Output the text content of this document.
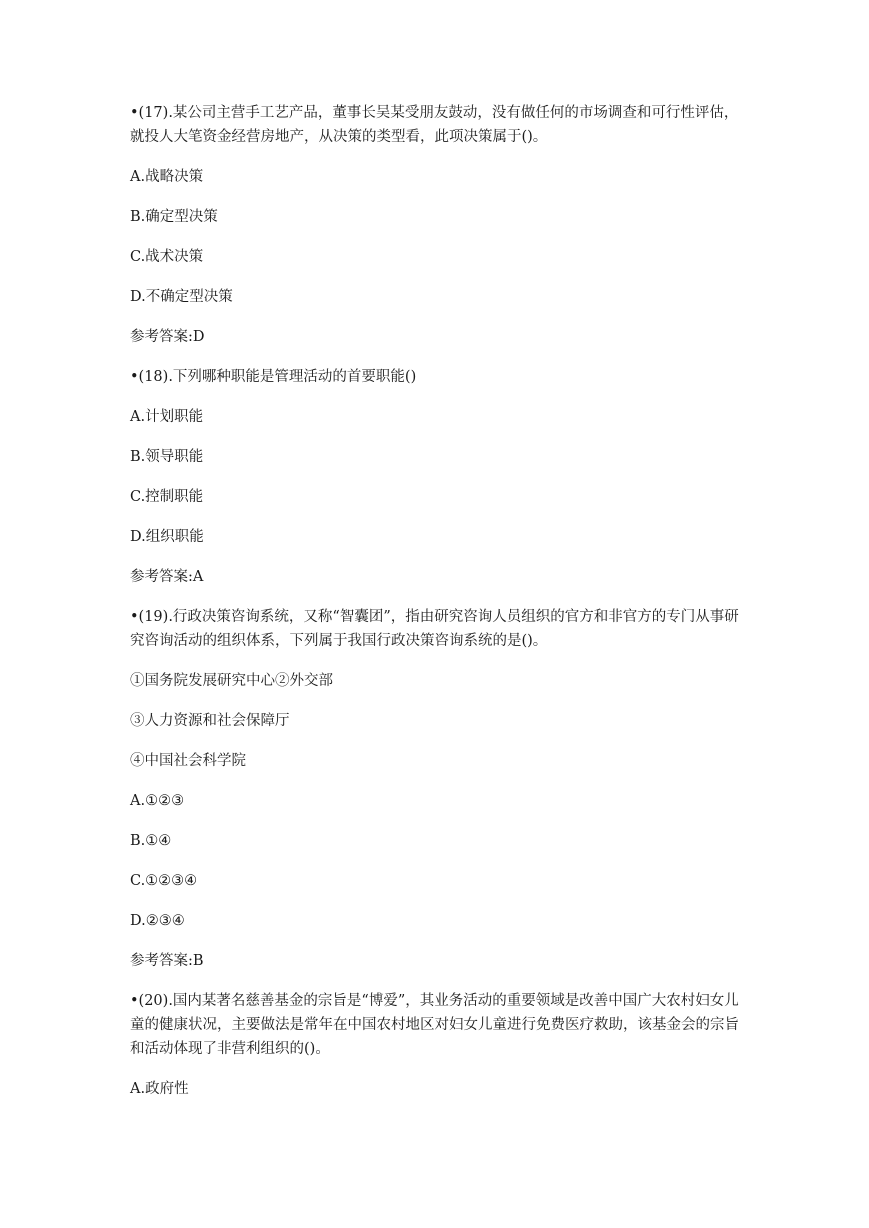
•(17).某公司主营手工艺产品，董事长吴某受朋友鼓动，没有做任何的市场调查和可行性评估，就投人大笔资金经营房地产，从决策的类型看，此项决策属于()。

A.战略决策

B.确定型决策

C.战术决策

D.不确定型决策

参考答案:D

•(18).下列哪种职能是管理活动的首要职能()

A.计划职能

B.领导职能

C.控制职能

D.组织职能

参考答案:A

•(19).行政决策咨询系统，又称“智囊团”，指由研究咨询人员组织的官方和非官方的专门从事研究咨询活动的组织体系，下列属于我国行政决策咨询系统的是()。

①国务院发展研究中心②外交部

③人力资源和社会保障厅

④中国社会科学院

A.①②③

B.①④

C.①②③④

D.②③④

参考答案:B

•(20).国内某著名慈善基金的宗旨是“博爱”，其业务活动的重要领域是改善中国广大农村妇女儿童的健康状况，主要做法是常年在中国农村地区对妇女儿童进行免费医疗救助，该基金会的宗旨和活动体现了非营利组织的()。

A.政府性
